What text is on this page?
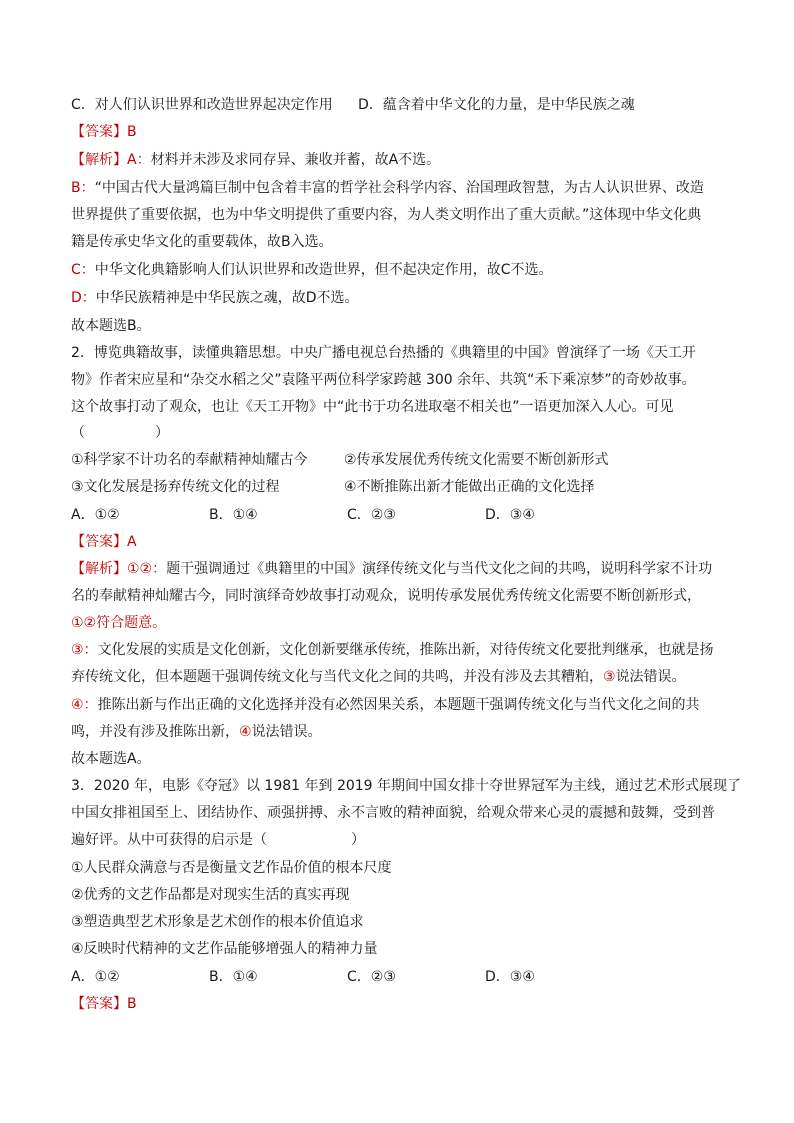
C．对人们认识世界和改造世界起决定作用 D．蕴含着中华文化的力量，是中华民族之魂
【答案】B
【解析】A：材料并未涉及求同存异、兼收并蓄，故A不选。
B：“中国古代大量鸿篇巨制中包含着丰富的哲学社会科学内容、治国理政智慧，为古人认识世界、改造
世界提供了重要依据，也为中华文明提供了重要内容，为人类文明作出了重大贡献。”这体现中华文化典
籍是传承史华文化的重要载体，故B入选。
C：中华文化典籍影响人们认识世界和改造世界，但不起决定作用，故C不选。
D：中华民族精神是中华民族之魂，故D不选。
故本题选B。
2．博览典籍故事，读懂典籍思想。中央广播电视总台热播的《典籍里的中国》曾演绎了一场《天工开
物》作者宋应星和“杂交水稻之父”袁隆平两位科学家跨越 300 余年、共筑“禾下乘凉梦”的奇妙故事。
这个故事打动了观众，也让《天工开物》中“此书于功名进取毫不相关也”一语更加深入人心。可见
（　　　　　）
①科学家不计功名的奉献精神灿耀古今	②传承发展优秀传统文化需要不断创新形式
③文化发展是扬弃传统文化的过程	④不断推陈出新才能做出正确的文化选择
A．①②	B．①④	C．②③	D．③④
【答案】A
【解析】①②：题干强调通过《典籍里的中国》演绎传统文化与当代文化之间的共鸣，说明科学家不计功
名的奉献精神灿耀古今，同时演绎奇妙故事打动观众，说明传承发展优秀传统文化需要不断创新形式，
①②符合题意。
③：文化发展的实质是文化创新，文化创新要继承传统，推陈出新，对待传统文化要批判继承，也就是扬
弃传统文化，但本题题干强调传统文化与当代文化之间的共鸣，并没有涉及去其糟粕，③说法错误。
④：推陈出新与作出正确的文化选择并没有必然因果关系，本题题干强调传统文化与当代文化之间的共
鸣，并没有涉及推陈出新，④说法错误。
故本题选A。
3．2020 年，电影《夺冠》以 1981 年到 2019 年期间中国女排十夺世界冠军为主线，通过艺术形式展现了
中国女排祖国至上、团结协作、顽强拼搏、永不言败的精神面貌，给观众带来心灵的震撼和鼓舞，受到普
遍好评。从中可获得的启示是（　　　　　　）
①人民群众满意与否是衡量文艺作品价值的根本尺度
②优秀的文艺作品都是对现实生活的真实再现
③塑造典型艺术形象是艺术创作的根本价值追求
④反映时代精神的文艺作品能够增强人的精神力量
A．①②	B．①④	C．②③	D．③④
【答案】B
